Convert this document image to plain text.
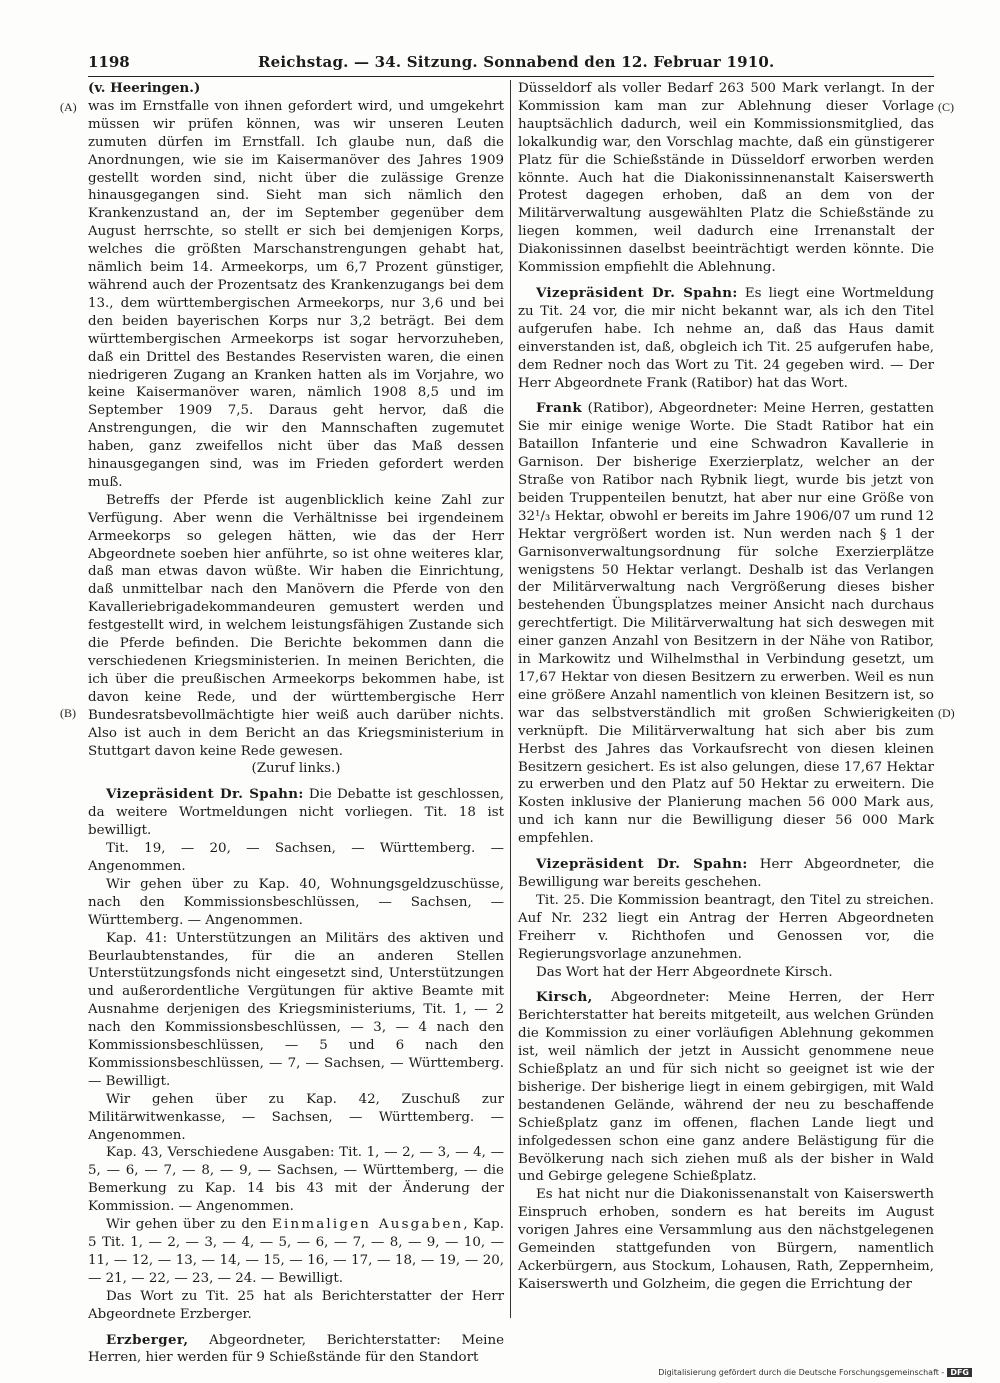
1198	Reichstag. — 34. Sitzung. Sonnabend den 12. Februar 1910.
(A)
(B)
(C)
(D)

(v. Heeringen.)

was im Ernstfalle von ihnen gefordert wird, und umgekehrt müssen wir prüfen können, was wir unseren Leuten zumuten dürfen im Ernstfall. Ich glaube nun, daß die Anordnungen, wie sie im Kaisermanöver des Jahres 1909 gestellt worden sind, nicht über die zulässige Grenze hinausgegangen sind. Sieht man sich nämlich den Krankenzustand an, der im September gegenüber dem August herrschte, so stellt er sich bei demjenigen Korps, welches die größten Marschanstrengungen gehabt hat, nämlich beim 14. Armeekorps, um 6,7 Prozent günstiger, während auch der Prozentsatz des Krankenzugangs bei dem 13., dem württembergischen Armeekorps, nur 3,6 und bei den beiden bayerischen Korps nur 3,2 beträgt. Bei dem württembergischen Armeekorps ist sogar hervorzuheben, daß ein Drittel des Bestandes Reservisten waren, die einen niedrigeren Zugang an Kranken hatten als im Vorjahre, wo keine Kaisermanöver waren, nämlich 1908 8,5 und im September 1909 7,5. Daraus geht hervor, daß die Anstrengungen, die wir den Mannschaften zugemutet haben, ganz zweifellos nicht über das Maß dessen hinausgegangen sind, was im Frieden gefordert werden muß.

Betreffs der Pferde ist augenblicklich keine Zahl zur Verfügung. Aber wenn die Verhältnisse bei irgendeinem Armeekorps so gelegen hätten, wie das der Herr Abgeordnete soeben hier anführte, so ist ohne weiteres klar, daß man etwas davon wüßte. Wir haben die Einrichtung, daß unmittelbar nach den Manövern die Pferde von den Kavalleriebrigadekommandeuren gemustert werden und festgestellt wird, in welchem leistungsfähigen Zustande sich die Pferde befinden. Die Berichte bekommen dann die verschiedenen Kriegsministerien. In meinen Berichten, die ich über die preußischen Armeekorps bekommen habe, ist davon keine Rede, und der württembergische Herr Bundesratsbevollmächtigte hier weiß auch darüber nichts. Also ist auch in dem Bericht an das Kriegsministerium in Stuttgart davon keine Rede gewesen.

(Zuruf links.)

Vizepräsident Dr. Spahn: Die Debatte ist geschlossen, da weitere Wortmeldungen nicht vorliegen. Tit. 18 ist bewilligt.

Tit. 19, — 20, — Sachsen, — Württemberg. — Angenommen.

Wir gehen über zu Kap. 40, Wohnungsgeldzuschüsse, nach den Kommissionsbeschlüssen, — Sachsen, — Württemberg. — Angenommen.

Kap. 41: Unterstützungen an Militärs des aktiven und Beurlaubtenstandes, für die an anderen Stellen Unterstützungsfonds nicht eingesetzt sind, Unterstützungen und außerordentliche Vergütungen für aktive Beamte mit Ausnahme derjenigen des Kriegsministeriums, Tit. 1, — 2 nach den Kommissionsbeschlüssen, — 3, — 4 nach den Kommissionsbeschlüssen, — 5 und 6 nach den Kommissionsbeschlüssen, — 7, — Sachsen, — Württemberg. — Bewilligt.

Wir gehen über zu Kap. 42, Zuschuß zur Militärwitwenkasse, — Sachsen, — Württemberg. — Angenommen.

Kap. 43, Verschiedene Ausgaben: Tit. 1, — 2, — 3, — 4, — 5, — 6, — 7, — 8, — 9, — Sachsen, — Württemberg, — die Bemerkung zu Kap. 14 bis 43 mit der Änderung der Kommission. — Angenommen.

Wir gehen über zu den Einmaligen Ausgaben, Kap. 5 Tit. 1, — 2, — 3, — 4, — 5, — 6, — 7, — 8, — 9, — 10, — 11, — 12, — 13, — 14, — 15, — 16, — 17, — 18, — 19, — 20, — 21, — 22, — 23, — 24. — Bewilligt.

Das Wort zu Tit. 25 hat als Berichterstatter der Herr Abgeordnete Erzberger.

Erzberger, Abgeordneter, Berichterstatter: Meine Herren, hier werden für 9 Schießstände für den Standort

Düsseldorf als voller Bedarf 263 500 Mark verlangt. In der Kommission kam man zur Ablehnung dieser Vorlage hauptsächlich dadurch, weil ein Kommissionsmitglied, das lokalkundig war, den Vorschlag machte, daß ein günstigerer Platz für die Schießstände in Düsseldorf erworben werden könnte. Auch hat die Diakonissinnenanstalt Kaiserswerth Protest dagegen erhoben, daß an dem von der Militärverwaltung ausgewählten Platz die Schießstände zu liegen kommen, weil dadurch eine Irrenanstalt der Diakonissinnen daselbst beeinträchtigt werden könnte. Die Kommission empfiehlt die Ablehnung.

Vizepräsident Dr. Spahn: Es liegt eine Wortmeldung zu Tit. 24 vor, die mir nicht bekannt war, als ich den Titel aufgerufen habe. Ich nehme an, daß das Haus damit einverstanden ist, daß, obgleich ich Tit. 25 aufgerufen habe, dem Redner noch das Wort zu Tit. 24 gegeben wird. — Der Herr Abgeordnete Frank (Ratibor) hat das Wort.

Frank (Ratibor), Abgeordneter: Meine Herren, gestatten Sie mir einige wenige Worte. Die Stadt Ratibor hat ein Bataillon Infanterie und eine Schwadron Kavallerie in Garnison. Der bisherige Exerzierplatz, welcher an der Straße von Ratibor nach Rybnik liegt, wurde bis jetzt von beiden Truppenteilen benutzt, hat aber nur eine Größe von 32¹/₃ Hektar, obwohl er bereits im Jahre 1906/07 um rund 12 Hektar vergrößert worden ist. Nun werden nach § 1 der Garnisonverwaltungsordnung für solche Exerzierplätze wenigstens 50 Hektar verlangt. Deshalb ist das Verlangen der Militärverwaltung nach Vergrößerung dieses bisher bestehenden Übungsplatzes meiner Ansicht nach durchaus gerechtfertigt. Die Militärverwaltung hat sich deswegen mit einer ganzen Anzahl von Besitzern in der Nähe von Ratibor, in Markowitz und Wilhelmsthal in Verbindung gesetzt, um 17,67 Hektar von diesen Besitzern zu erwerben. Weil es nun eine größere Anzahl namentlich von kleinen Besitzern ist, so war das selbstverständlich mit großen Schwierigkeiten verknüpft. Die Militärverwaltung hat sich aber bis zum Herbst des Jahres das Vorkaufsrecht von diesen kleinen Besitzern gesichert. Es ist also gelungen, diese 17,67 Hektar zu erwerben und den Platz auf 50 Hektar zu erweitern. Die Kosten inklusive der Planierung machen 56 000 Mark aus, und ich kann nur die Bewilligung dieser 56 000 Mark empfehlen.

Vizepräsident Dr. Spahn: Herr Abgeordneter, die Bewilligung war bereits geschehen.

Tit. 25. Die Kommission beantragt, den Titel zu streichen. Auf Nr. 232 liegt ein Antrag der Herren Abgeordneten Freiherr v. Richthofen und Genossen vor, die Regierungsvorlage anzunehmen.

Das Wort hat der Herr Abgeordnete Kirsch.

Kirsch, Abgeordneter: Meine Herren, der Herr Berichterstatter hat bereits mitgeteilt, aus welchen Gründen die Kommission zu einer vorläufigen Ablehnung gekommen ist, weil nämlich der jetzt in Aussicht genommene neue Schießplatz an und für sich nicht so geeignet ist wie der bisherige. Der bisherige liegt in einem gebirgigen, mit Wald bestandenen Gelände, während der neu zu beschaffende Schießplatz ganz im offenen, flachen Lande liegt und infolgedessen schon eine ganz andere Belästigung für die Bevölkerung nach sich ziehen muß als der bisher in Wald und Gebirge gelegene Schießplatz.

Es hat nicht nur die Diakonissenanstalt von Kaiserswerth Einspruch erhoben, sondern es hat bereits im August vorigen Jahres eine Versammlung aus den nächstgelegenen Gemeinden stattgefunden von Bürgern, namentlich Ackerbürgern, aus Stockum, Lohausen, Rath, Zeppernheim, Kaiserswerth und Golzheim, die gegen die Errichtung der

Digitalisierung gefördert durch die Deutsche Forschungsgemeinschaft - DFG
